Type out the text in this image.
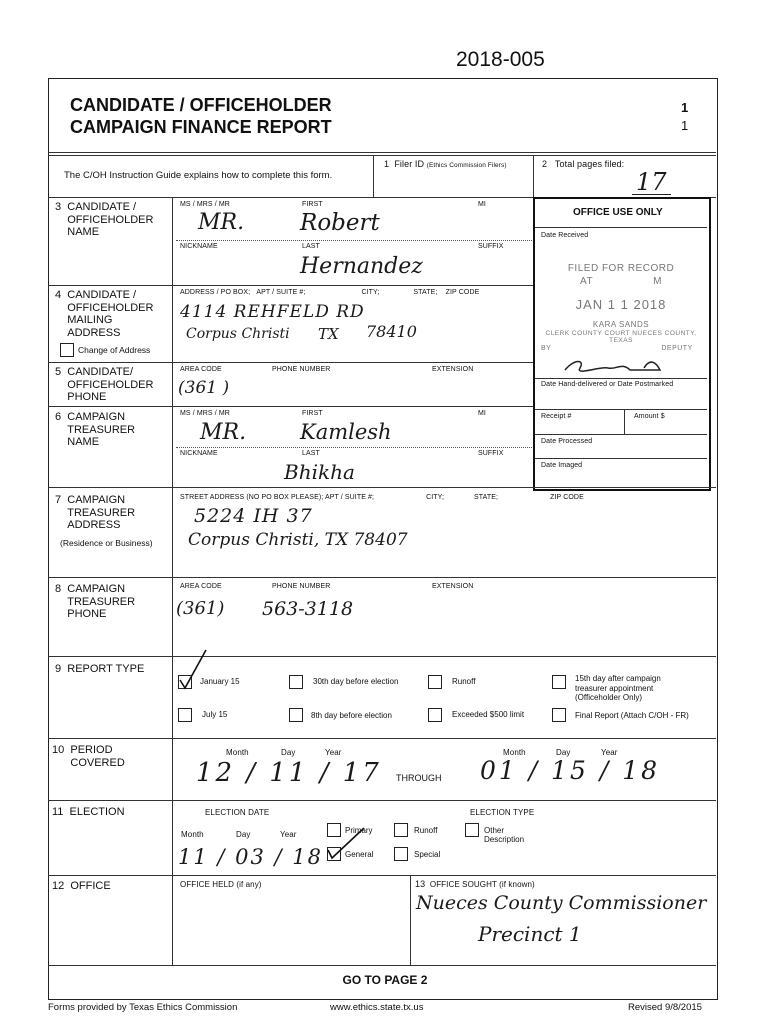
2018-005
CANDIDATE / OFFICEHOLDER
CAMPAIGN FINANCE REPORT
1
1
The C/OH Instruction Guide explains how to complete this form.
1 Filer ID (Ethics Commission Filers)	2 Total pages filed:
17
OFFICE USE ONLY
Date Received
FILED FOR RECORD
AT	M
JAN 1 1 2018
KARA SANDS
CLERK COUNTY COURT NUECES COUNTY, TEXAS
BY	DEPUTY
Date Hand-delivered or Date Postmarked
Receipt #	Amount $
Date Processed
Date Imaged
3 CANDIDATE / OFFICEHOLDER NAME
MS / MRS / MR	FIRST	MI
MR. Robert
NICKNAME	LAST	SUFFIX
Hernandez
4 CANDIDATE / OFFICEHOLDER MAILING ADDRESS
Change of Address
ADDRESS / PO BOX; APT / SUITE #;	CITY;	STATE; ZIP CODE
4114 REHFELD RD
Corpus Christi TX 78410
5 CANDIDATE/ OFFICEHOLDER PHONE
AREA CODE	PHONE NUMBER	EXTENSION
(361 )
6 CAMPAIGN TREASURER NAME
MS / MRS / MR	FIRST	MI
MR.	Kamlesh
NICKNAME	LAST	SUFFIX
Bhikha
7 CAMPAIGN TREASURER ADDRESS
(Residence or Business)
STREET ADDRESS (NO PO BOX PLEASE); APT / SUITE #;	CITY;	STATE;	ZIP CODE
5224 IH 37
Corpus Christi, TX 78407
8 CAMPAIGN TREASURER PHONE
AREA CODE	PHONE NUMBER	EXTENSION
(361) 563-3118
9 REPORT TYPE
January 15	30th day before election	Runoff	15th day after campaign treasurer appointment (Officeholder Only)
July 15	8th day before election	Exceeded $500 limit	Final Report (Attach C/OH - FR)
10 PERIOD COVERED
Month	Day	Year
12 / 11 / 17 THROUGH
Month	Day	Year
01 / 15 / 18
11 ELECTION	ELECTION DATE
Month	Day	Year
11 / 03 / 18
ELECTION TYPE
Primary	Runoff	Other Description
General	Special
12 OFFICE	OFFICE HELD (if any)	13 OFFICE SOUGHT (if known)
Nueces County Commissioner
Precinct 1
GO TO PAGE 2
Forms provided by Texas Ethics Commission	www.ethics.state.tx.us	Revised 9/8/2015
